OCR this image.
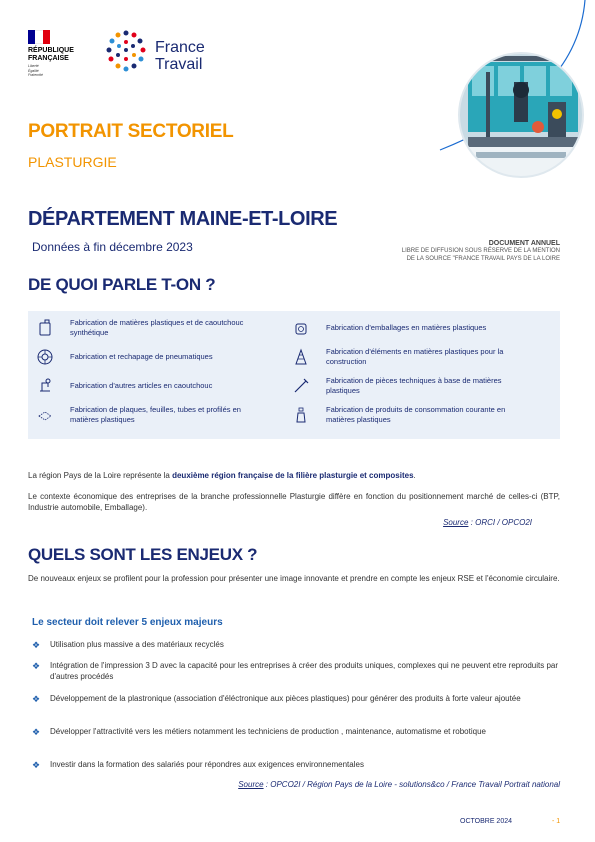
RÉPUBLIQUE
FRANÇAISE
Liberté
Égalité
Fraternité
France
Travail
PORTRAIT SECTORIEL
PLASTURGIE
DÉPARTEMENT MAINE-ET-LOIRE
Données à fin décembre 2023	DOCUMENT ANNUEL
LIBRE DE DIFFUSION SOUS RÉSERVE DE LA MENTION
DE LA SOURCE "FRANCE TRAVAIL PAYS DE LA LOIRE
DE QUOI PARLE T-ON ?
Fabrication de matières plastiques et de caoutchouc synthétique
Fabrication et rechapage de pneumatiques
Fabrication d'autres articles en caoutchouc
Fabrication de plaques, feuilles, tubes et profilés en matières plastiques
Fabrication d'emballages en matières plastiques
Fabrication d'éléments en matières plastiques pour la construction
Fabrication de pièces techniques à base de matières plastiques
Fabrication de produits de consommation courante en matières plastiques
La région Pays de la Loire représente la deuxième région française de la filière plasturgie et composites.
Le contexte économique des entreprises de la branche professionnelle Plasturgie diffère en fonction du positionnement marché de celles-ci (BTP, Industrie automobile, Emballage).
Source : ORCI / OPCO2I
QUELS SONT LES ENJEUX ?
De nouveaux enjeux se profilent pour la profession pour présenter une image innovante et prendre en compte les enjeux RSE et l'économie circulaire.
Le secteur doit relever 5 enjeux majeurs
❖	Utilisation plus massive a des matériaux recyclés
❖	Intégration de l'impression 3 D avec la capacité pour les entreprises à créer des produits uniques, complexes qui ne peuvent etre reproduits par d'autres procédés
❖	Développement de la plastronique (association d'éléctronique aux pièces plastiques) pour générer des produits à forte valeur ajoutée
❖	Développer l'attractivité vers les métiers notamment les techniciens de production , maintenance, automatisme et robotique
❖	Investir dans la formation des salariés pour répondres aux exigences environnementales
Source : OPCO2I / Région Pays de la Loire - solutions&co / France Travail Portrait national
OCTOBRE 2024	- 1
